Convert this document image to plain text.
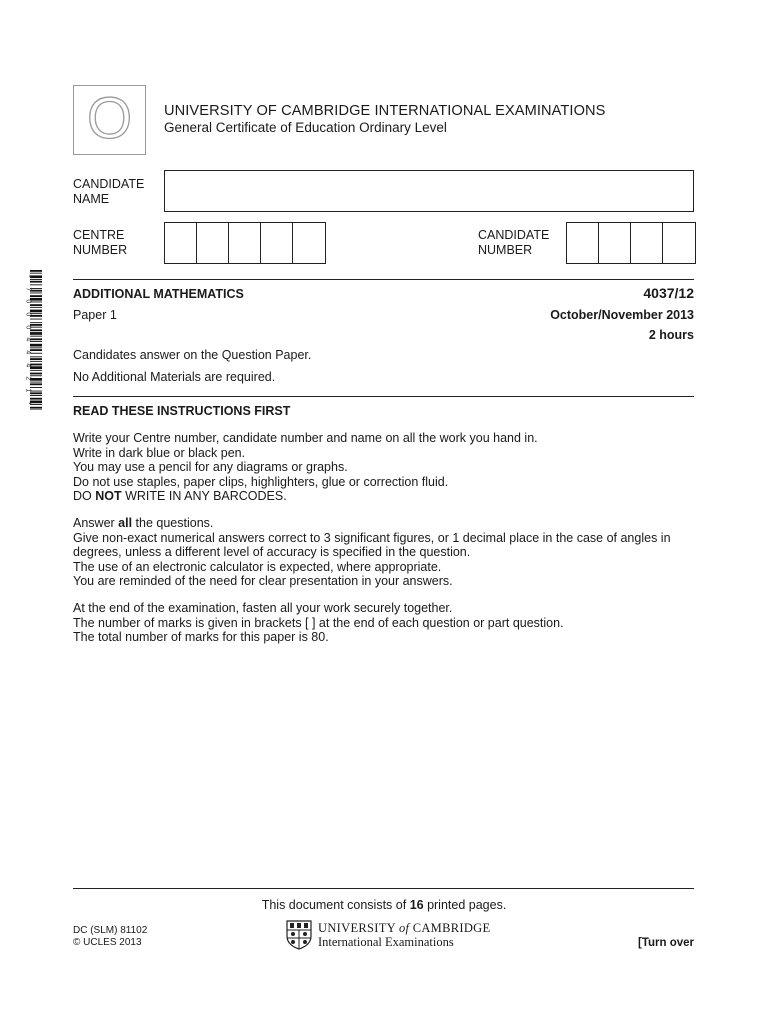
O	UNIVERSITY OF CAMBRIDGE INTERNATIONAL EXAMINATIONS
General Certificate of Education Ordinary Level
CANDIDATE
NAME
CENTRE
NUMBER
CANDIDATE
NUMBER
*
7
0
0
0
4
4
4
2
1
*
ADDITIONAL MATHEMATICS	4037/12
Paper 1	October/November 2013
2 hours
Candidates answer on the Question Paper.
No Additional Materials are required.
READ THESE INSTRUCTIONS FIRST

Write your Centre number, candidate number and name on all the work you hand in.

Write in dark blue or black pen.

You may use a pencil for any diagrams or graphs.

Do not use staples, paper clips, highlighters, glue or correction fluid.

DO NOT WRITE IN ANY BARCODES.

Answer all the questions.

Give non-exact numerical answers correct to 3 significant figures, or 1 decimal place in the case of angles in degrees, unless a different level of accuracy is specified in the question.

The use of an electronic calculator is expected, where appropriate.

You are reminded of the need for clear presentation in your answers.

At the end of the examination, fasten all your work securely together.

The number of marks is given in brackets [ ] at the end of each question or part question.

The total number of marks for this paper is 80.

This document consists of 16 printed pages.
DC (SLM) 81102
© UCLES 2013
UNIVERSITY of CAMBRIDGE
International Examinations	[Turn over
